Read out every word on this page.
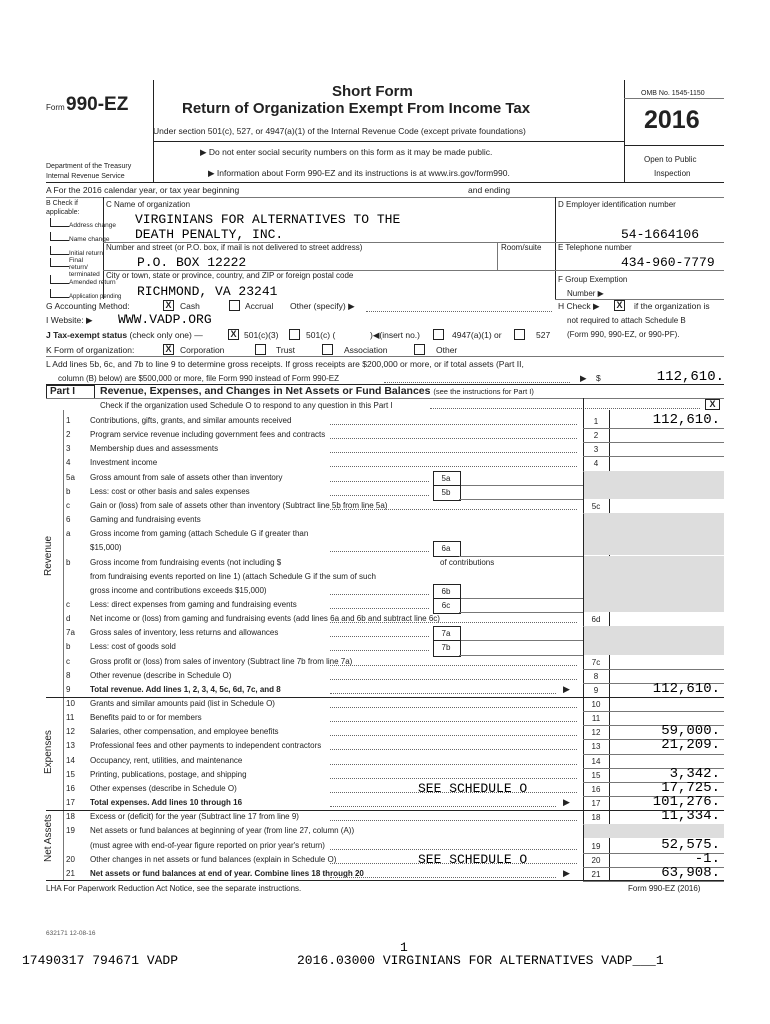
Form 990-EZ
Short Form
Return of Organization Exempt From Income Tax
Under section 501(c), 527, or 4947(a)(1) of the Internal Revenue Code (except private foundations)
▶ Do not enter social security numbers on this form as it may be made public.
▶ Information about Form 990-EZ and its instructions is at www.irs.gov/form990.
Department of the Treasury
Internal Revenue Service
OMB No. 1545-1150
2016
Open to Public
Inspection
A For the 2016 calendar year, or tax year beginning	and ending
B Check if applicable:
Address change
Name change
Initial return
Final return/ terminated
Amended return
Application pending
C Name of organization
VIRGINIANS FOR ALTERNATIVES TO THE
DEATH PENALTY, INC.
Number and street (or P.O. box, if mail is not delivered to street address)	Room/suite
P.O. BOX 12222
City or town, state or province, country, and ZIP or foreign postal code
RICHMOND, VA 23241
D Employer identification number
54-1664106
E Telephone number
434-960-7779
F Group Exemption
Number ▶
G Accounting Method:	X Cash	Accrual Other (specify) ▶	H Check ▶ X if the organization is
not required to attach Schedule B
(Form 990, 990-EZ, or 990-PF).
I Website: ▶ WWW.VADP.ORG
J Tax-exempt status (check only one) —	X 501(c)(3)	501(c) (	)◀(insert no.)	4947(a)(1) or	527
K Form of organization:	X Corporation	Trust	Association	Other
L Add lines 5b, 6c, and 7b to line 9 to determine gross receipts. If gross receipts are $200,000 or more, or if total assets (Part II,
column (B) below) are $500,000 or more, file Form 990 instead of Form 990-EZ	▶    $	112,610.
Part I Revenue, Expenses, and Changes in Net Assets or Fund Balances (see the instructions for Part I)
Check if the organization used Schedule O to respond to any question in this Part I	X
Revenue
Expenses
Net Assets
1 Contributions, gifts, grants, and similar amounts received	1	112,610.
2 Program service revenue including government fees and contracts	2
3 Membership dues and assessments	3
4 Investment income	4
5a Gross amount from sale of assets other than inventory	5a
b Less: cost or other basis and sales expenses	5b
c	Gain or (loss) from sale of assets other than inventory (Subtract line 5b from line 5a)	5c
6 Gaming and fundraising events
a Gross income from gaming (attach Schedule G if greater than
$15,000)	6a
b Gross income from fundraising events (not including $	of contributions
from fundraising events reported on line 1) (attach Schedule G if the sum of such
gross income and contributions exceeds $15,000)	6b
c	Less: direct expenses from gaming and fundraising events	6c
d Net income or (loss) from gaming and fundraising events (add lines 6a and 6b and subtract line 6c)	6d
7a Gross sales of inventory, less returns and allowances	7a
b Less: cost of goods sold	7b
c	Gross profit or (loss) from sales of inventory (Subtract line 7b from line 7a)	7c
8 Other revenue (describe in Schedule O)	8
9 Total revenue. Add lines 1, 2, 3, 4, 5c, 6d, 7c, and 8	▶	9	112,610.
10 Grants and similar amounts paid (list in Schedule O)	10
11 Benefits paid to or for members	11
12 Salaries, other compensation, and employee benefits	12	59,000.
13 Professional fees and other payments to independent contractors	13	21,209.
14 Occupancy, rent, utilities, and maintenance	14
15 Printing, publications, postage, and shipping	15	3,342.
16 Other expenses (describe in Schedule O)	SEE SCHEDULE O	16	17,725.
17 Total expenses. Add lines 10 through 16	▶	17	101,276.
18 Excess or (deficit) for the year (Subtract line 17 from line 9)	18	11,334.
19 Net assets or fund balances at beginning of year (from line 27, column (A))
(must agree with end-of-year figure reported on prior year's return)	19	52,575.
20 Other changes in net assets or fund balances (explain in Schedule O)	SEE SCHEDULE O	20	-1.
21 Net assets or fund balances at end of year. Combine lines 18 through 20	▶	21	63,908.
LHA For Paperwork Reduction Act Notice, see the separate instructions.	Form 990-EZ (2016)
632171 12-08-16
1
17490317 794671 VADP	2016.03000 VIRGINIANS FOR ALTERNATIVES VADP___1
